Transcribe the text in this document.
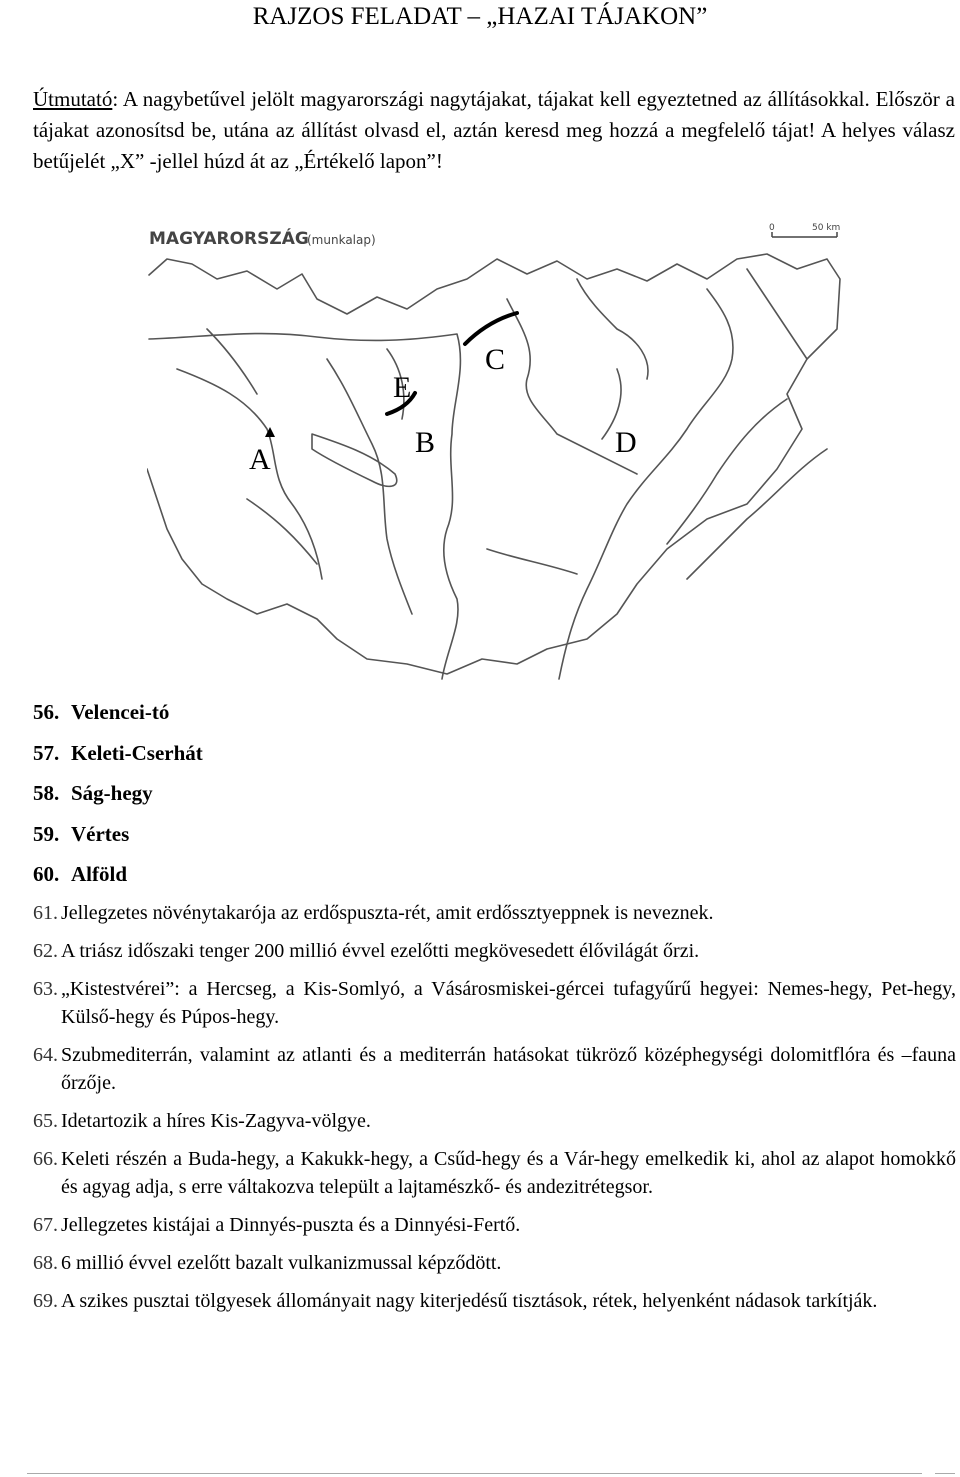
RAJZOS FELADAT – „HAZAI TÁJAKON”
Útmutató: A nagybetűvel jelölt magyarországi nagytájakat, tájakat kell egyeztetned az állításokkal. Először a tájakat azonosítsd be, utána az állítást olvasd el, aztán keresd meg hozzá a megfelelő tájat! A helyes válasz betűjelét „X” -jellel húzd át az „Értékelő lapon”!
MAGYARORSZÁG
(munkalap)
0	50 km
A
B
C
D
E
56. Velencei-tó
57. Keleti-Cserhát
58. Ság-hegy
59. Vértes
60. Alföld
61. Jellegzetes növénytakarója az erdőspuszta-rét, amit erdőssztyeppnek is neveznek.
62. A triász időszaki tenger 200 millió évvel ezelőtti megkövesedett élővilágát őrzi.
63. „Kistestvérei”: a Hercseg, a Kis-Somlyó, a Vásárosmiskei-gércei tufagyűrű hegyei: Nemes-hegy, Pet-hegy, Külső-hegy és Púpos-hegy.
64. Szubmediterrán, valamint az atlanti és a mediterrán hatásokat tükröző középhegységi dolomitflóra és –fauna őrzője.
65. Idetartozik a híres Kis-Zagyva-völgye.
66. Keleti részén a Buda-hegy, a Kakukk-hegy, a Csűd-hegy és a Vár-hegy emelkedik ki, ahol az alapot homokkő és agyag adja, s erre váltakozva települt a lajtamészkő- és andezitrétegsor.
67. Jellegzetes kistájai a Dinnyés-puszta és a Dinnyési-Fertő.
68. 6 millió évvel ezelőtt bazalt vulkanizmussal képződött.
69. A szikes pusztai tölgyesek állományait nagy kiterjedésű tisztások, rétek, helyenként nádasok tarkítják.
